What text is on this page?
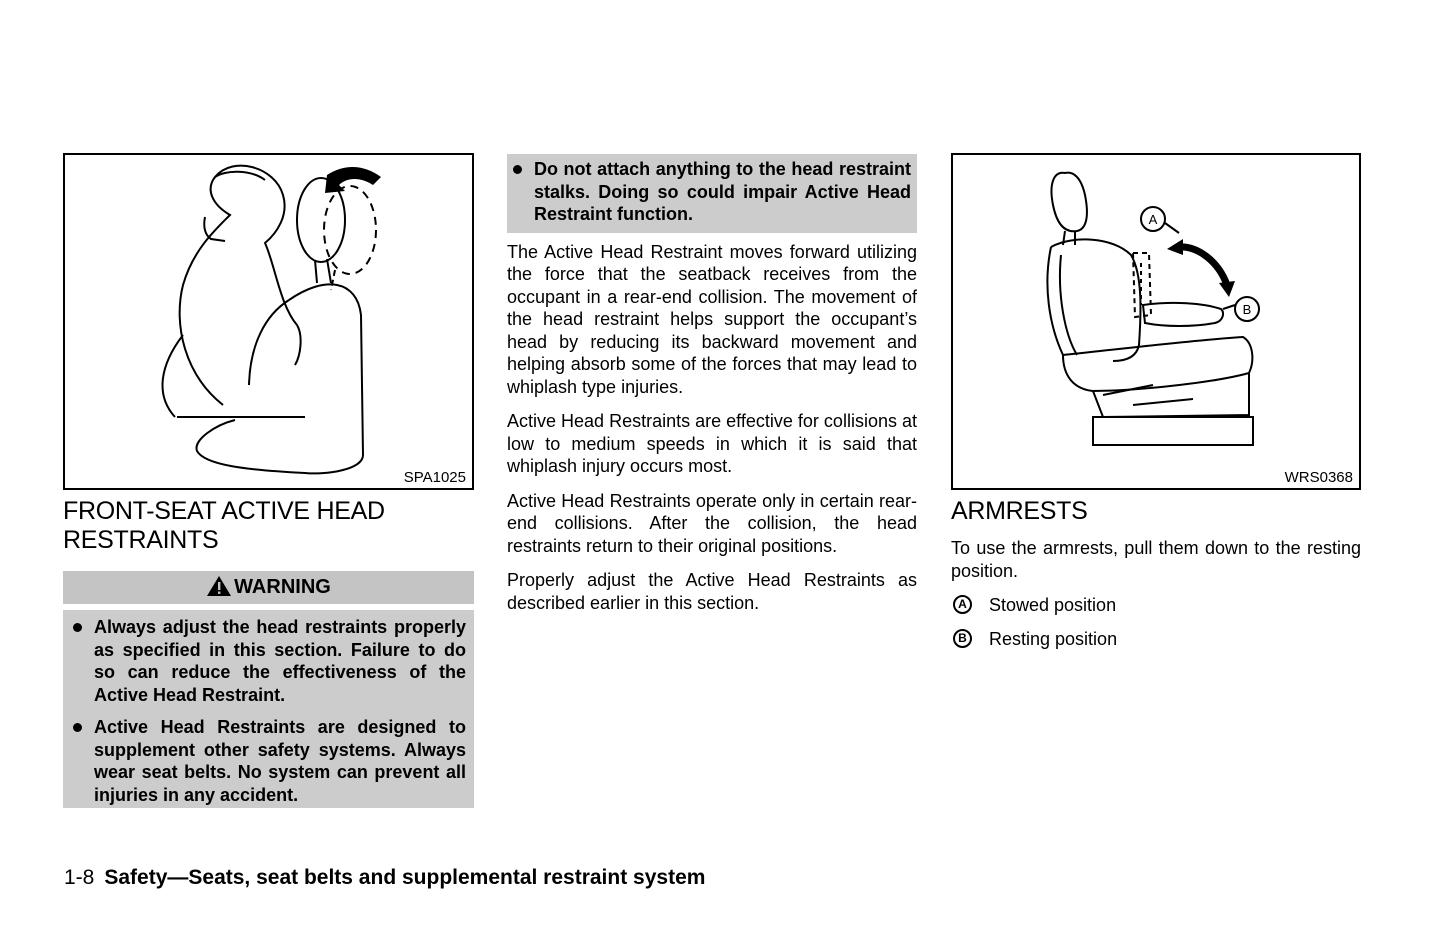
SPA1025
FRONT-SEAT ACTIVE HEAD RESTRAINTS
WARNING
Always adjust the head restraints properly as specified in this section. Failure to do so can reduce the effectiveness of the Active Head Restraint.
Active Head Restraints are designed to supplement other safety systems. Always wear seat belts. No system can prevent all injuries in any accident.
Do not attach anything to the head restraint stalks. Doing so could impair Active Head Restraint function.

The Active Head Restraint moves forward utilizing the force that the seatback receives from the occupant in a rear-end collision. The movement of the head restraint helps support the occupant’s head by reducing its backward movement and helping absorb some of the forces that may lead to whiplash type injuries.

Active Head Restraints are effective for collisions at low to medium speeds in which it is said that whiplash injury occurs most.

Active Head Restraints operate only in certain rear-end collisions. After the collision, the head restraints return to their original positions.

Properly adjust the Active Head Restraints as described earlier in this section.

A
B
WRS0368
ARMRESTS

To use the armrests, pull them down to the resting position.

A Stowed position
B Resting position
1-8 Safety—Seats, seat belts and supplemental restraint system
